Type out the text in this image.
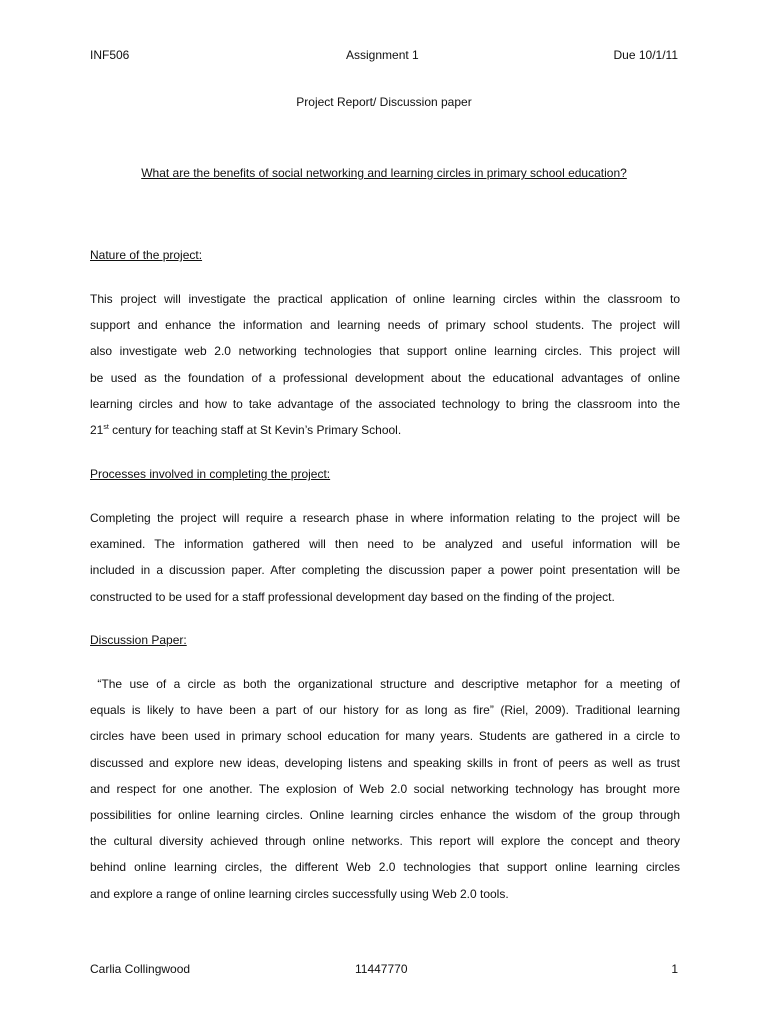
INF506	Assignment 1	Due 10/1/11
Project Report/ Discussion paper
What are the benefits of social networking and learning circles in primary school education?
Nature of the project:
This project will investigate the practical application of online learning circles within the classroom to
support and enhance the information and learning needs of primary school students. The project will
also investigate web 2.0 networking technologies that support online learning circles. This project will
be used as the foundation of a professional development about the educational advantages of online
learning circles and how to take advantage of the associated technology to bring the classroom into the
21st century for teaching staff at St Kevin’s Primary School.
Processes involved in completing the project:
Completing the project will require a research phase in where information relating to the project will be
examined. The information gathered will then need to be analyzed and useful information will be
included in a discussion paper. After completing the discussion paper a power point presentation will be
constructed to be used for a staff professional development day based on the finding of the project.
Discussion Paper:
“The use of a circle as both the organizational structure and descriptive metaphor for a meeting of
equals is likely to have been a part of our history for as long as fire” (Riel, 2009). Traditional learning
circles have been used in primary school education for many years. Students are gathered in a circle to
discussed and explore new ideas, developing listens and speaking skills in front of peers as well as trust
and respect for one another. The explosion of Web 2.0 social networking technology has brought more
possibilities for online learning circles. Online learning circles enhance the wisdom of the group through
the cultural diversity achieved through online networks. This report will explore the concept and theory
behind online learning circles, the different Web 2.0 technologies that support online learning circles
and explore a range of online learning circles successfully using Web 2.0 tools.
Carlia Collingwood	11447770	1
